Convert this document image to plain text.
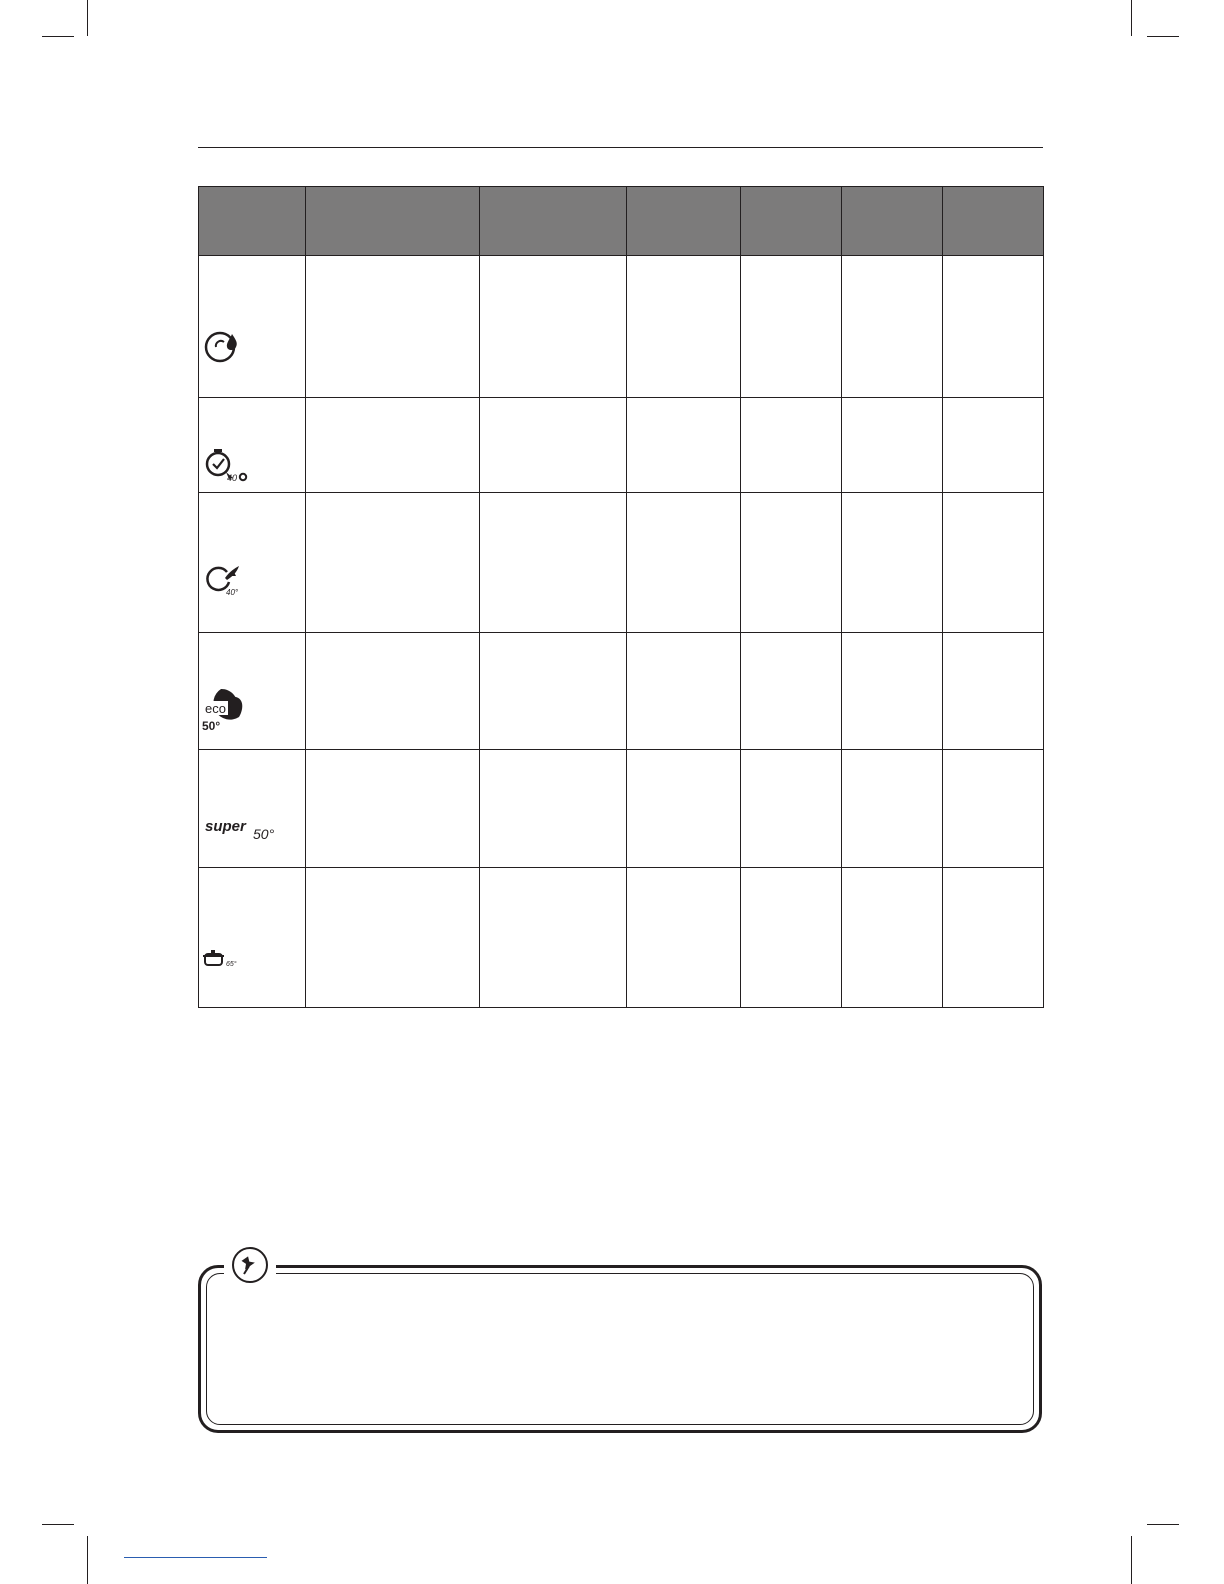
40						

40°						

eco
50°						

super 50°						

65°						
